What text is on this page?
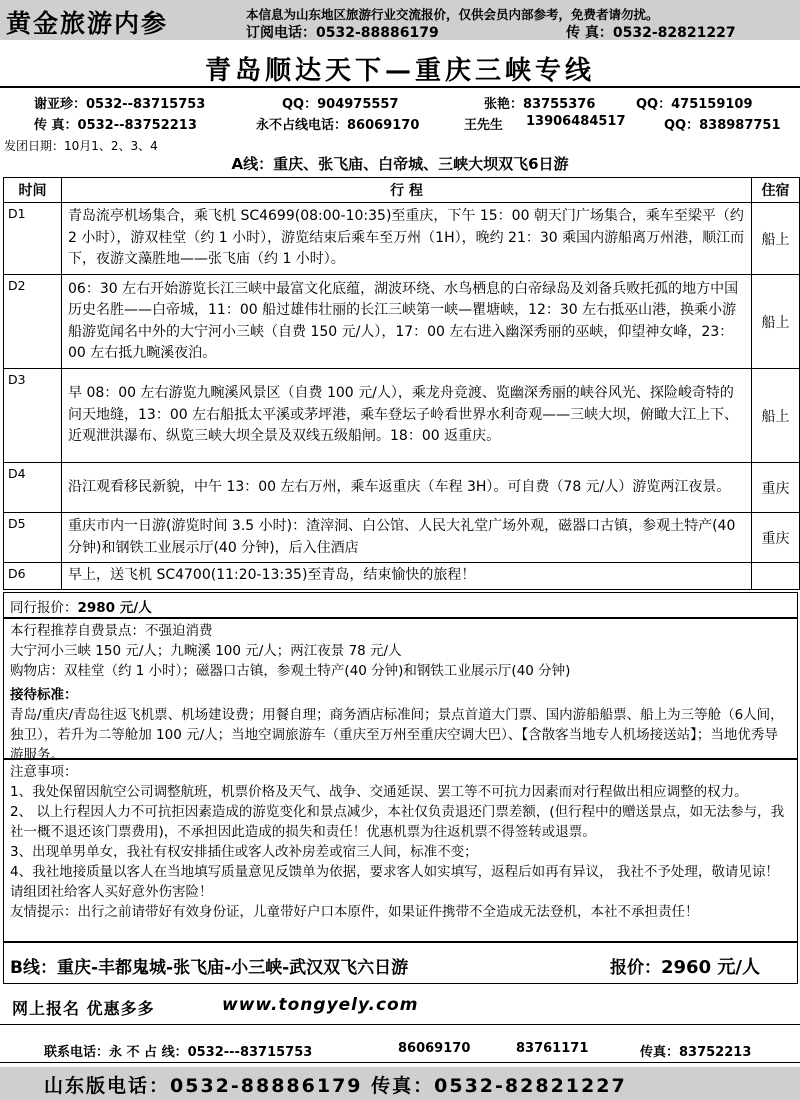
黄金旅游内参	本信息为山东地区旅游行业交流报价，仅供会员内部参考，免费者请勿扰。
订阅电话：0532-88886179	传 真：0532-82821227
青岛顺达天下—重庆三峡专线
谢亚珍：0532--83715753	QQ：904975557	张艳：83755376	QQ：475159109
传 真：0532--83752213	永不占线电话：86069170	王先生 13906484517	QQ：838987751
发团日期：10月1、2、3、4
A线：重庆、张飞庙、白帝城、三峡大坝双飞6日游
时间	行 程	住宿
D1	青岛流亭机场集合，乘飞机 SC4699(08:00-10:35)至重庆，下午 15：00 朝天门广场集合，乘车至梁平（约 2 小时），游双桂堂（约 1 小时），游览结束后乘车至万州（1H），晚约 21：30 乘国内游船离万州港，顺江而下，夜游文藻胜地——张飞庙（约 1 小时）。	船上
D2	06：30 左右开始游览长江三峡中最富文化底蕴，湖波环绕、水鸟栖息的白帝绿岛及刘备兵败托孤的地方中国历史名胜——白帝城，11：00 船过雄伟壮丽的长江三峡第一峡—瞿塘峡，12：30 左右抵巫山港，换乘小游船游览闻名中外的大宁河小三峡（自费 150 元/人），17：00 左右进入幽深秀丽的巫峡，仰望神女峰，23：00 左右抵九畹溪夜泊。	船上
D3	早 08：00 左右游览九畹溪风景区（自费 100 元/人），乘龙舟竞渡、览幽深秀丽的峡谷风光、探险峻奇特的问天地缝，13：00 左右船抵太平溪或茅坪港，乘车登坛子岭看世界水利奇观——三峡大坝，俯瞰大江上下、近观泄洪瀑布、纵览三峡大坝全景及双线五级船闸。18：00 返重庆。	船上
D4	沿江观看移民新貌，中午 13：00 左右万州，乘车返重庆（车程 3H）。可自费（78 元/人）游览两江夜景。	重庆
D5	重庆市内一日游(游览时间 3.5 小时)：渣滓洞、白公馆、人民大礼堂广场外观，磁器口古镇，参观土特产(40 分钟)和钢铁工业展示厅(40 分钟)，后入住酒店	重庆
D6	早上，送飞机 SC4700(11:20-13:35)至青岛，结束愉快的旅程！	
同行报价：2980 元/人
本行程推荐自费景点：不强迫消费
大宁河小三峡 150 元/人；九畹溪 100 元/人；两江夜景 78 元/人
购物店：双桂堂（约 1 小时）；磁器口古镇，参观土特产(40 分钟)和钢铁工业展示厅(40 分钟)
接待标准：
青岛/重庆/青岛往返飞机票、机场建设费；用餐自理；商务酒店标准间；景点首道大门票、国内游船船票、船上为三等舱（6人间，独卫），若升为二等舱加 100 元/人；当地空调旅游车（重庆至万州至重庆空调大巴）、【含散客当地专人机场接送站】；当地优秀导游服务。
注意事项：
1、我处保留因航空公司调整航班，机票价格及天气、战争、交通延误、罢工等不可抗力因素而对行程做出相应调整的权力。
2、 以上行程因人力不可抗拒因素造成的游览变化和景点减少，本社仅负责退还门票差额，(但行程中的赠送景点，如无法参与，我社一概不退还该门票费用)，不承担因此造成的损失和责任！优惠机票为往返机票不得签转或退票。
3、出现单男单女，我社有权安排插住或客人改补房差或宿三人间，标准不变；
4、我社地接质量以客人在当地填写质量意见反馈单为依据，要求客人如实填写，返程后如再有异议， 我社不予处理，敬请见谅！请组团社给客人买好意外伤害险！
友情提示：出行之前请带好有效身份证，儿童带好户口本原件，如果证件携带不全造成无法登机，本社不承担责任！
B线：重庆-丰都鬼城-张飞庙-小三峡-武汉双飞六日游	报价：2960 元/人
网上报名 优惠多多	www.tongyely.com
联系电话：永 不 占 线：0532---83715753	86069170	83761171	传真：83752213
山东版电话：0532-88886179 传真：0532-82821227
